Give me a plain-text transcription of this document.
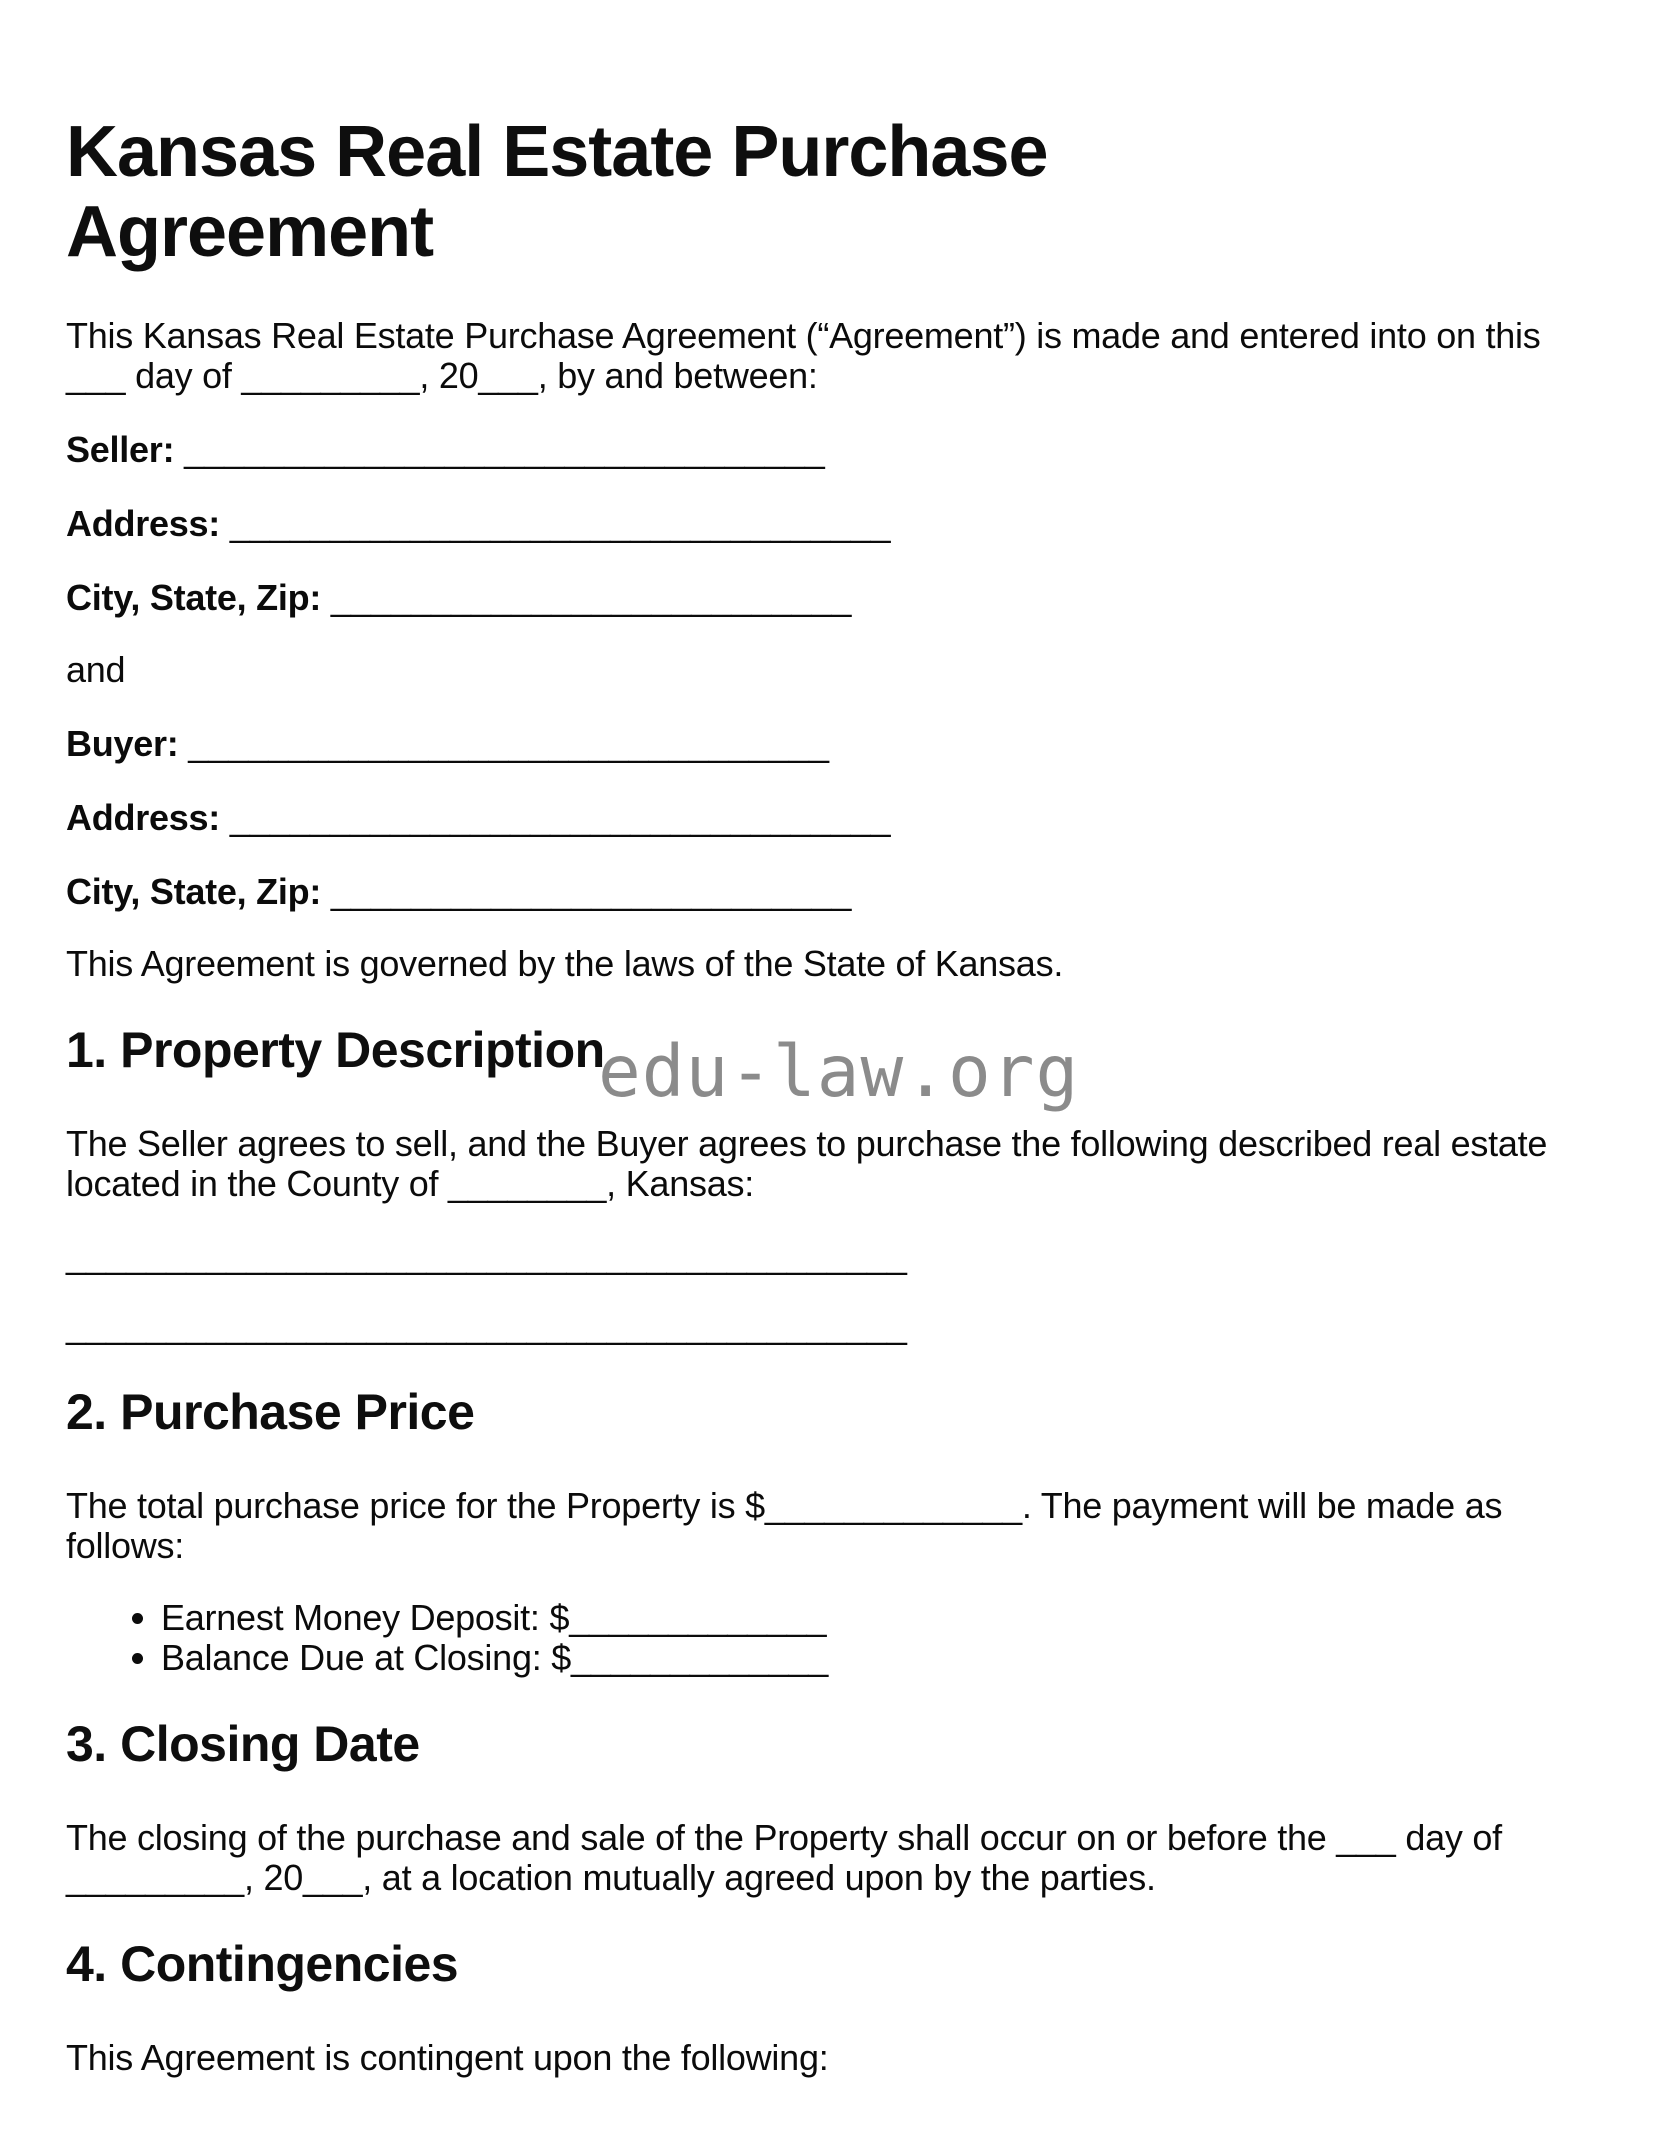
Kansas Real Estate Purchase Agreement

This Kansas Real Estate Purchase Agreement (“Agreement”) is made and entered into on this ___ day of _________, 20___, by and between:

Seller: ________________________________

Address: _________________________________

City, State, Zip: __________________________

and

Buyer: ________________________________

Address: _________________________________

City, State, Zip: __________________________

This Agreement is governed by the laws of the State of Kansas.

edu-law.org
1. Property Description

The Seller agrees to sell, and the Buyer agrees to purchase the following described real estate located in the County of ________, Kansas:

__________________________________________

__________________________________________

2. Purchase Price

The total purchase price for the Property is $_____________. The payment will be made as follows:

• Earnest Money Deposit: $_____________
• Balance Due at Closing: $_____________
3. Closing Date

The closing of the purchase and sale of the Property shall occur on or before the ___ day of _________, 20___, at a location mutually agreed upon by the parties.

4. Contingencies

This Agreement is contingent upon the following:
